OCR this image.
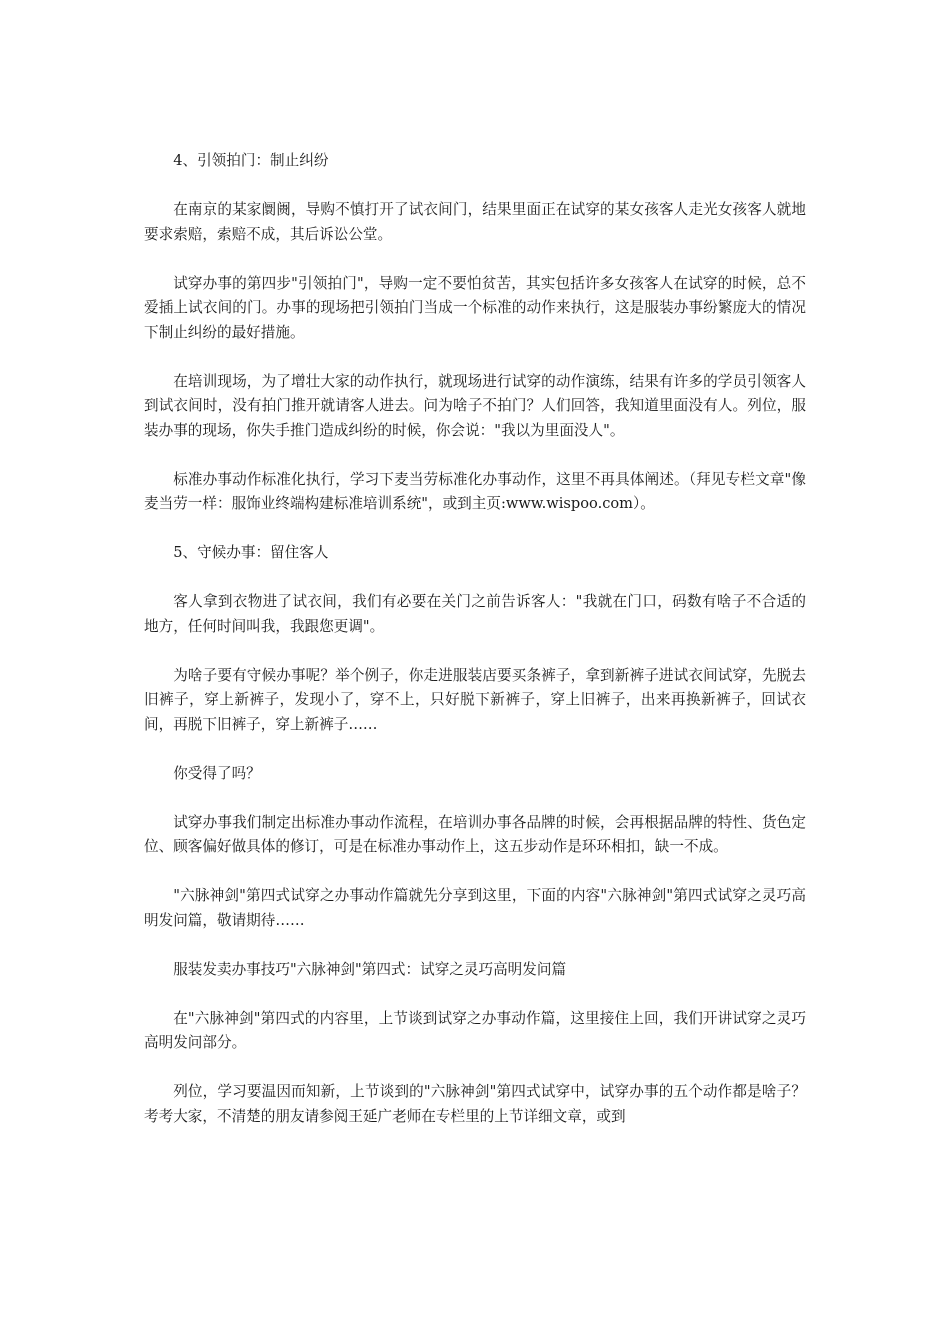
4、引领拍门：制止纠纷

在南京的某家阛阓，导购不慎打开了试衣间门，结果里面正在试穿的某女孩客人走光女孩客人就地要求索赔，索赔不成，其后诉讼公堂。

试穿办事的第四步"引领拍门"，导购一定不要怕贫苦，其实包括许多女孩客人在试穿的时候，总不爱插上试衣间的门。办事的现场把引领拍门当成一个标准的动作来执行，这是服装办事纷繁庞大的情况下制止纠纷的最好措施。

在培训现场，为了增壮大家的动作执行，就现场进行试穿的动作演练，结果有许多的学员引领客人到试衣间时，没有拍门推开就请客人进去。问为啥子不拍门？人们回答，我知道里面没有人。列位，服装办事的现场，你失手推门造成纠纷的时候，你会说："我以为里面没人"。

标准办事动作标准化执行，学习下麦当劳标准化办事动作，这里不再具体阐述。（拜见专栏文章"像麦当劳一样：服饰业终端构建标准培训系统"，或到主页:www.wispoo.com）。

5、守候办事：留住客人

客人拿到衣物进了试衣间，我们有必要在关门之前告诉客人："我就在门口，码数有啥子不合适的地方，任何时间叫我，我跟您更调"。

为啥子要有守候办事呢？举个例子，你走进服装店要买条裤子，拿到新裤子进试衣间试穿，先脱去旧裤子，穿上新裤子，发现小了，穿不上，只好脱下新裤子，穿上旧裤子，出来再换新裤子，回试衣间，再脱下旧裤子，穿上新裤子……

你受得了吗？

试穿办事我们制定出标准办事动作流程，在培训办事各品牌的时候，会再根据品牌的特性、货色定位、顾客偏好做具体的修订，可是在标准办事动作上，这五步动作是环环相扣，缺一不成。

"六脉神剑"第四式试穿之办事动作篇就先分享到这里，下面的内容"六脉神剑"第四式试穿之灵巧高明发问篇，敬请期待……

服装发卖办事技巧"六脉神剑"第四式：试穿之灵巧高明发问篇

在"六脉神剑"第四式的内容里，上节谈到试穿之办事动作篇，这里接住上回，我们开讲试穿之灵巧高明发问部分。

列位，学习要温因而知新，上节谈到的"六脉神剑"第四式试穿中，试穿办事的五个动作都是啥子？考考大家，不清楚的朋友请参阅王延广老师在专栏里的上节详细文章，或到
